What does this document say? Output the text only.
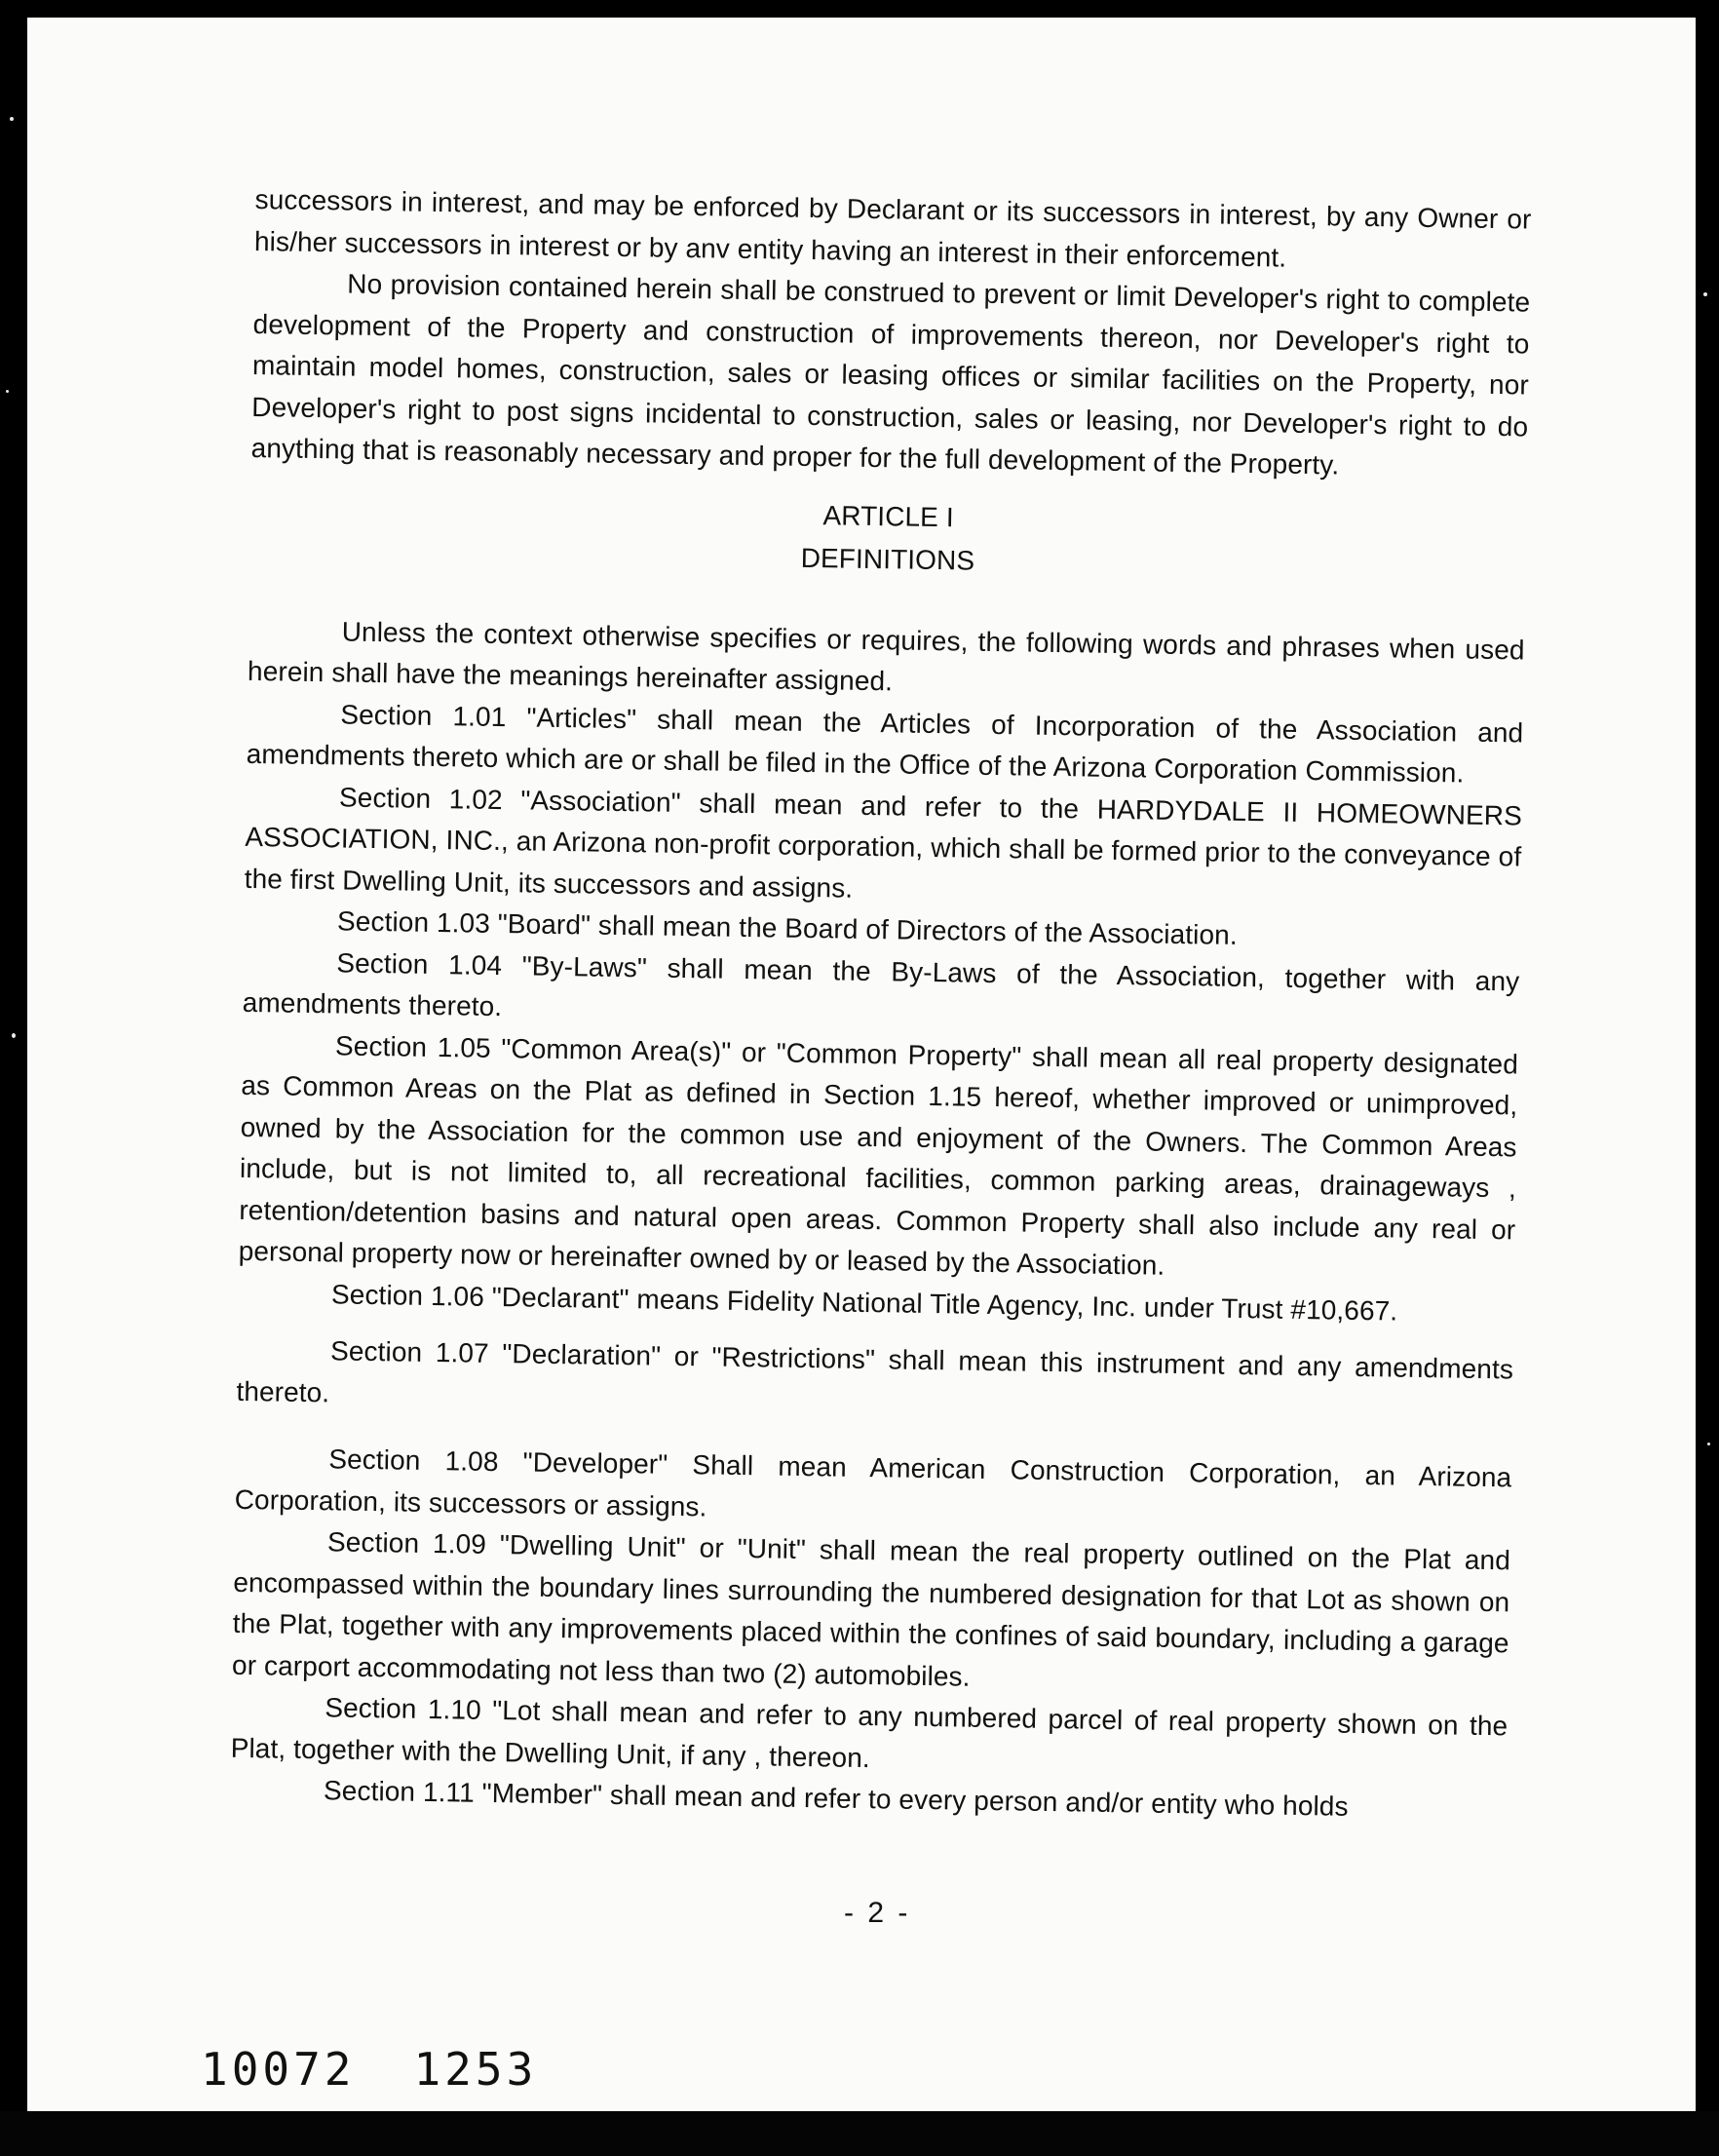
successors in interest, and may be enforced by Declarant or its successors in interest, by any Owner or his/her successors in interest or by anv entity having an interest in their enforcement.

No provision contained herein shall be construed to prevent or limit Developer's right to complete development of the Property and construction of improvements thereon, nor Developer's right to maintain model homes, construction, sales or leasing offices or similar facilities on the Property, nor Developer's right to post signs incidental to construction, sales or leasing, nor Developer's right to do anything that is reasonably necessary and proper for the full development of the Property.

ARTICLE I

DEFINITIONS

Unless the context otherwise specifies or requires, the following words and phrases when used herein shall have the meanings hereinafter assigned.

Section 1.01 "Articles" shall mean the Articles of Incorporation of the Association and amendments thereto which are or shall be filed in the Office of the Arizona Corporation Commission.

Section 1.02 "Association" shall mean and refer to the HARDYDALE II HOMEOWNERS ASSOCIATION, INC., an Arizona non-profit corporation, which shall be formed prior to the conveyance of the first Dwelling Unit, its successors and assigns.

Section 1.03 "Board" shall mean the Board of Directors of the Association.

Section 1.04 "By-Laws" shall mean the By-Laws of the Association, together with any amendments thereto.

Section 1.05 "Common Area(s)" or "Common Property" shall mean all real property designated as Common Areas on the Plat as defined in Section 1.15 hereof, whether improved or unimproved, owned by the Association for the common use and enjoyment of the Owners. The Common Areas include, but is not limited to, all recreational facilities, common parking areas, drainageways , retention/detention basins and natural open areas. Common Property shall also include any real or personal property now or hereinafter owned by or leased by the Association.

Section 1.06 "Declarant" means Fidelity National Title Agency, Inc. under Trust #10,667.

Section 1.07 "Declaration" or "Restrictions" shall mean this instrument and any amendments thereto.

Section 1.08 "Developer" Shall mean American Construction Corporation, an Arizona Corporation, its successors or assigns.

Section 1.09 "Dwelling Unit" or "Unit" shall mean the real property outlined on the Plat and encompassed within the boundary lines surrounding the numbered designation for that Lot as shown on the Plat, together with any improvements placed within the confines of said boundary, including a garage or carport accommodating not less than two (2) automobiles.

Section 1.10 "Lot shall mean and refer to any numbered parcel of real property shown on the Plat, together with the Dwelling Unit, if any , thereon.

Section 1.11 "Member" shall mean and refer to every person and/or entity who holds

- 2 -
10072 1253
